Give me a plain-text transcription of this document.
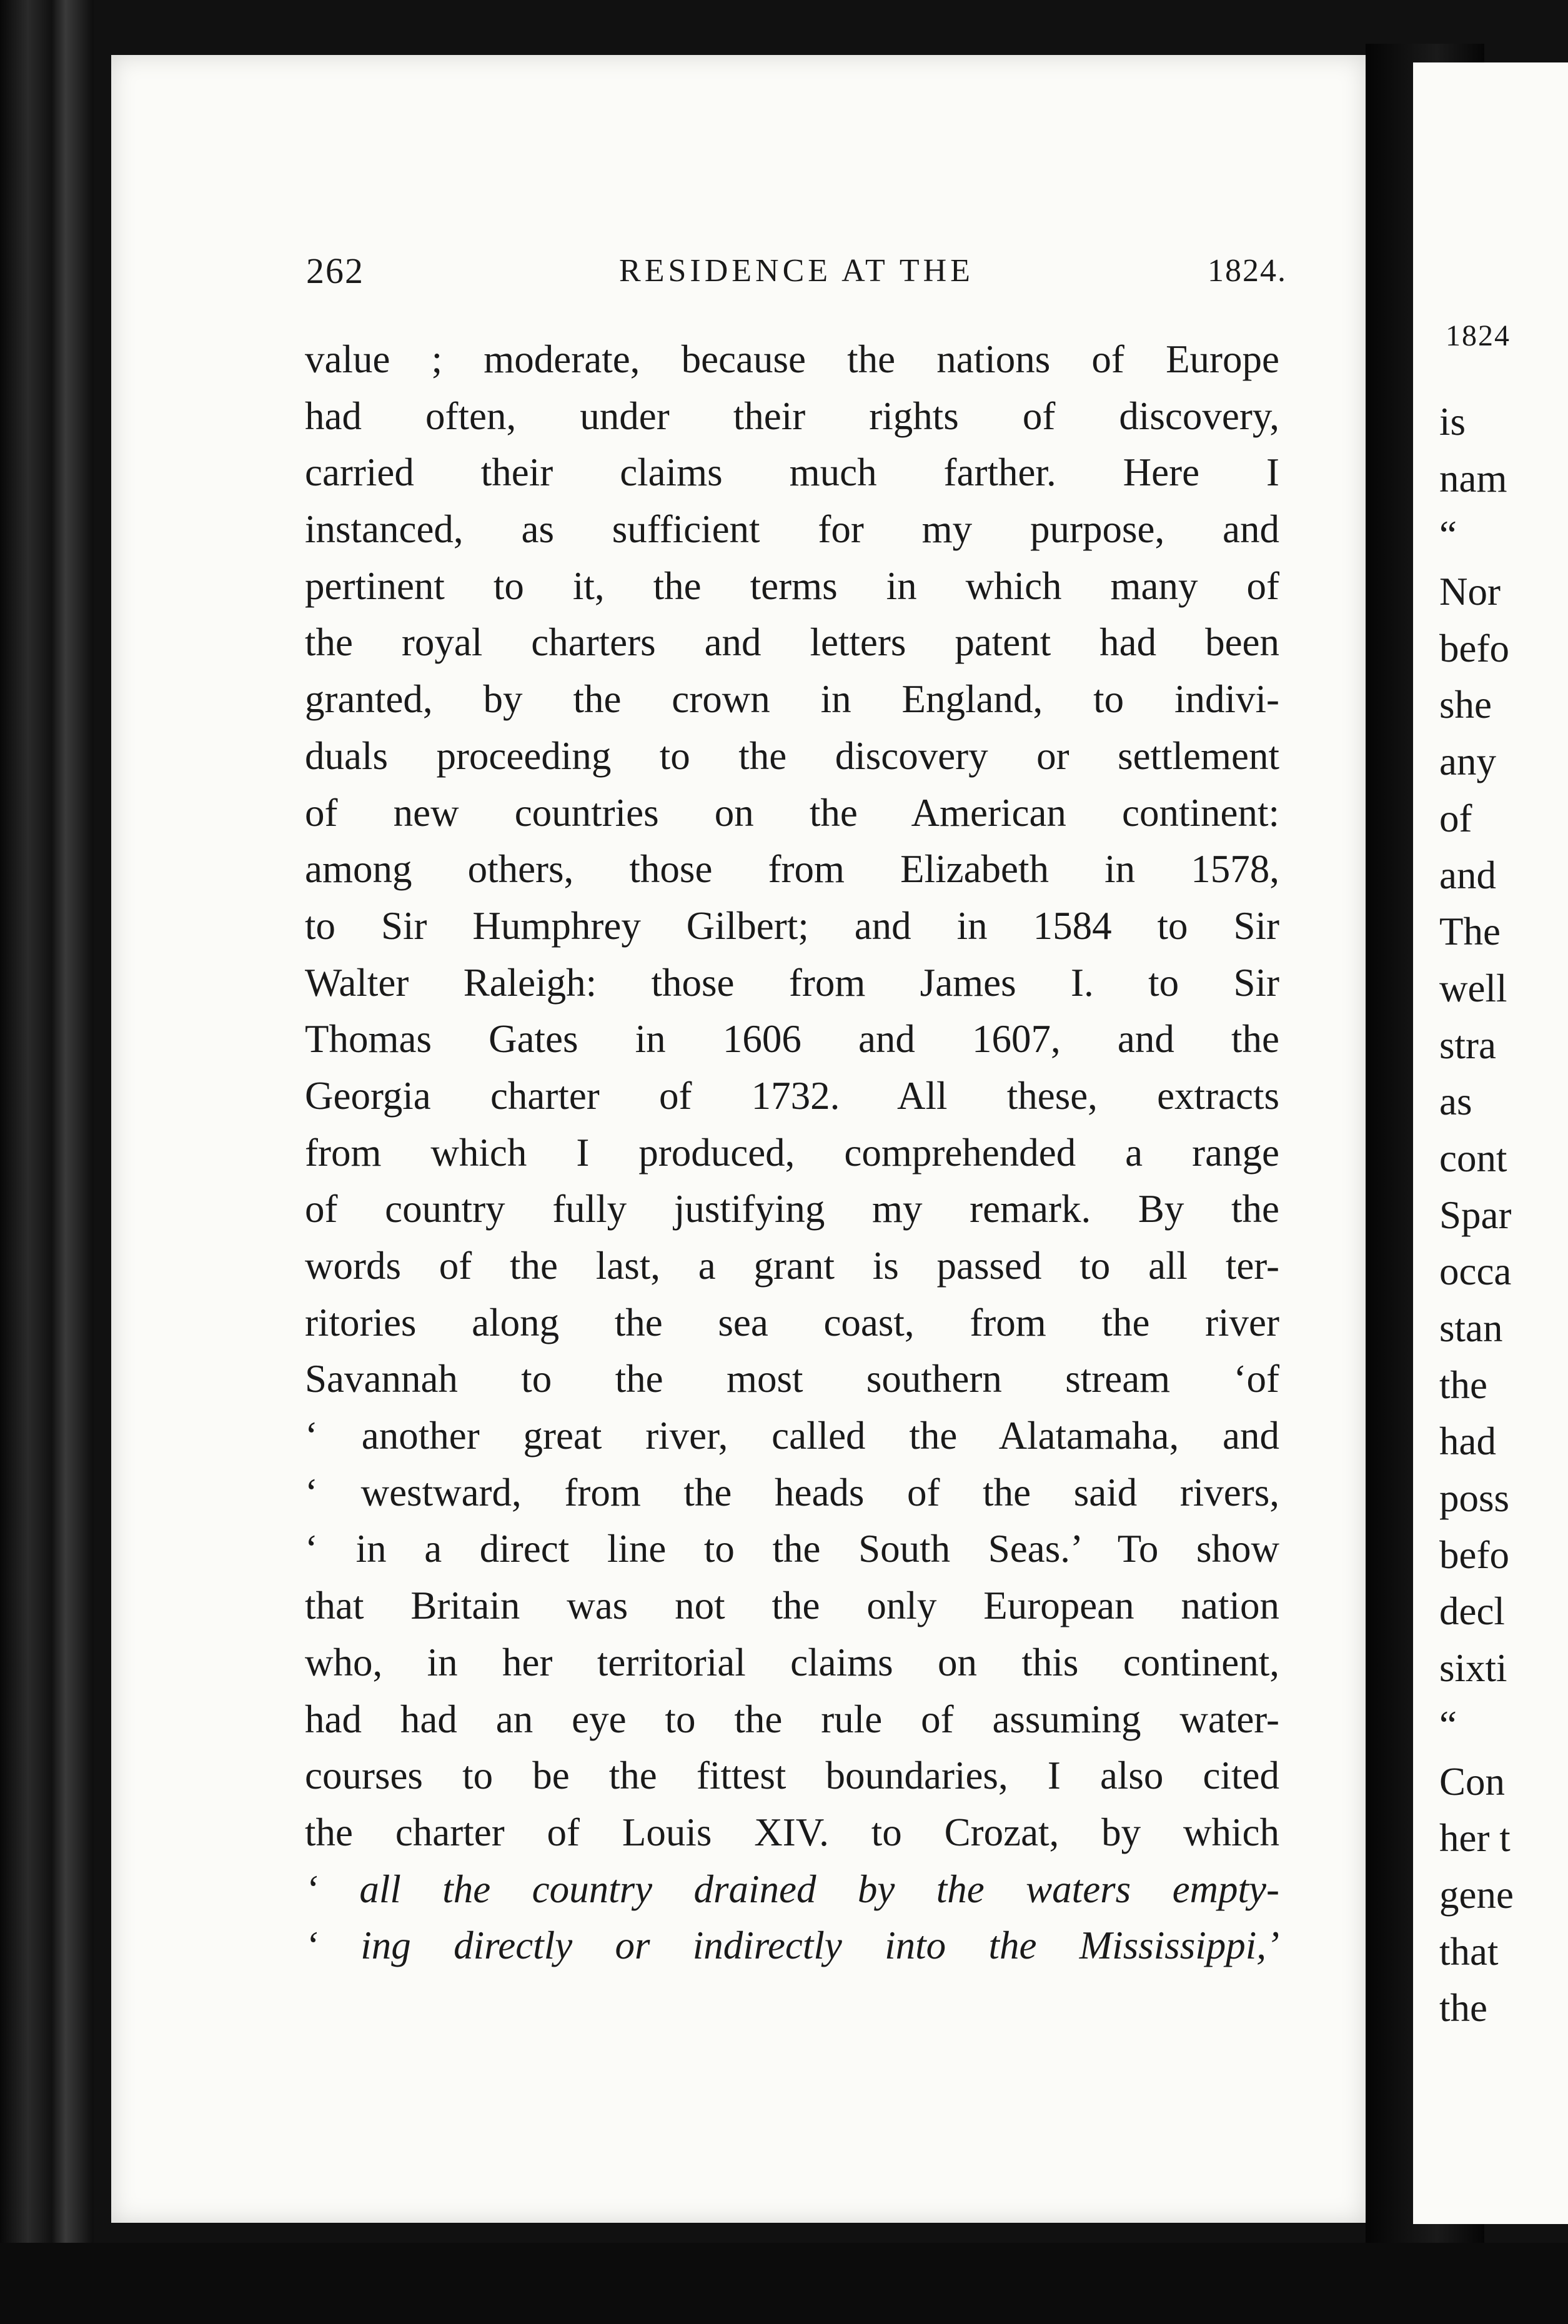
262	RESIDENCE AT THE	1824.
value ; moderate, because the nations of Europe
had often, under their rights of discovery,
carried their claims much farther. Here I
instanced, as sufficient for my purpose, and
pertinent to it, the terms in which many of
the royal charters and letters patent had been
granted, by the crown in England, to indivi-
duals proceeding to the discovery or settlement
of new countries on the American continent:
among others, those from Elizabeth in 1578,
to Sir Humphrey Gilbert; and in 1584 to Sir
Walter Raleigh: those from James I. to Sir
Thomas Gates in 1606 and 1607, and the
Georgia charter of 1732. All these, extracts
from which I produced, comprehended a range
of country fully justifying my remark. By the
words of the last, a grant is passed to all ter-
ritories along the sea coast, from the river
Savannah to the most southern stream ‘of
‘ another great river, called the Alatamaha, and
‘ westward, from the heads of the said rivers,
‘ in a direct line to the South Seas.’ To show
that Britain was not the only European nation
who, in her territorial claims on this continent,
had had an eye to the rule of assuming water-
courses to be the fittest boundaries, I also cited
the charter of Louis XIV. to Crozat, by which
‘ all the country drained by the waters empty-
‘ ing directly or indirectly into the Mississippi,’
1824
is
nam
“
Nor
befo
she
any
of
and
The
well
stra
as
cont
Spar
occa
stan
the
had
poss
befo
decl
sixti
“
Con
her t
gene
that
the
